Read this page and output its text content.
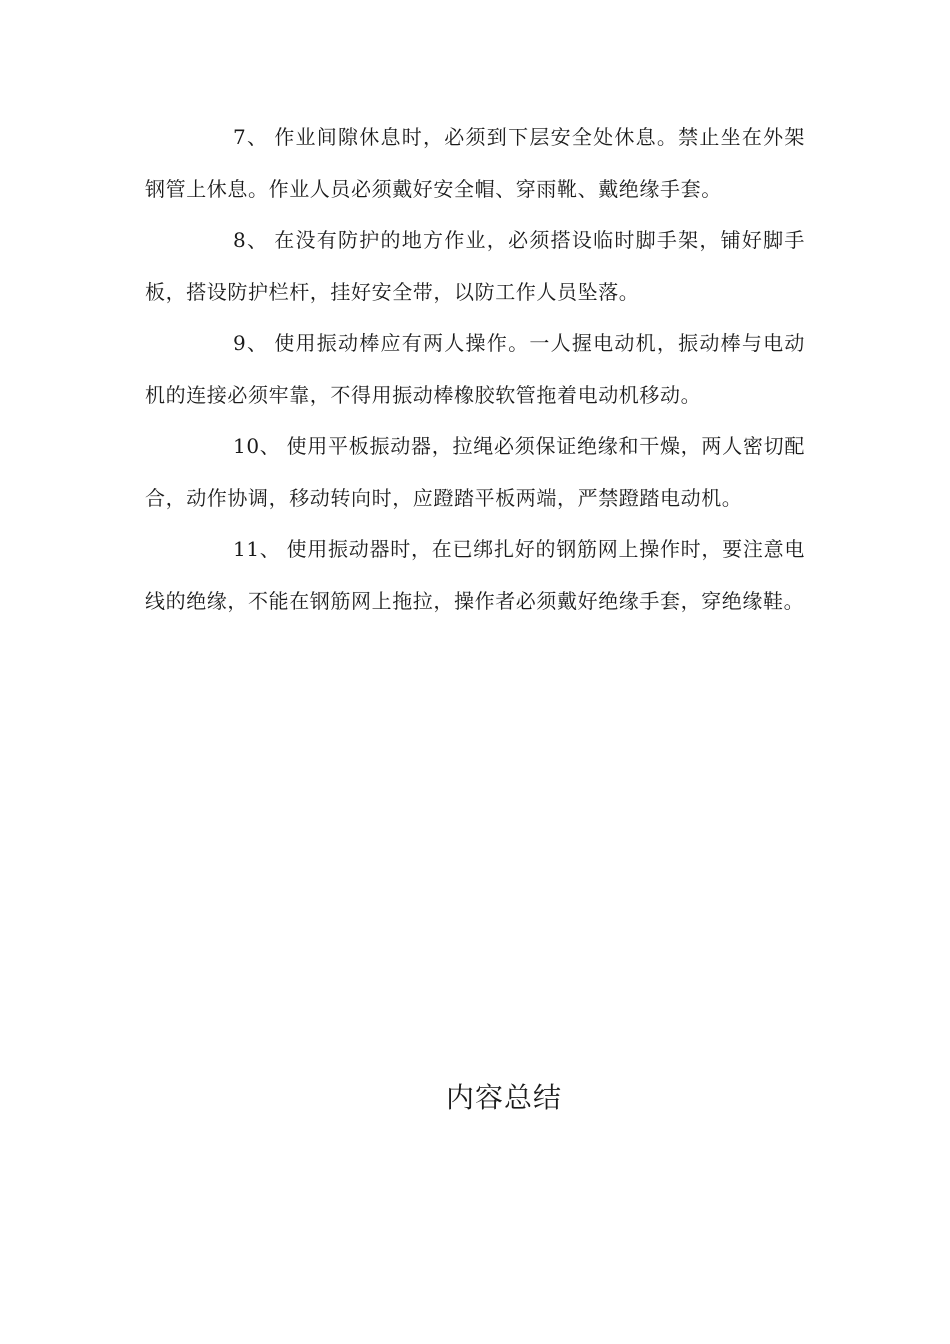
7、 作业间隙休息时，必须到下层安全处休息。禁止坐在外架钢管上休息。作业人员必须戴好安全帽、穿雨靴、戴绝缘手套。

8、 在没有防护的地方作业，必须搭设临时脚手架，铺好脚手板，搭设防护栏杆，挂好安全带，以防工作人员坠落。

9、 使用振动棒应有两人操作。一人握电动机，振动棒与电动机的连接必须牢靠，不得用振动棒橡胶软管拖着电动机移动。

10、 使用平板振动器，拉绳必须保证绝缘和干燥，两人密切配合，动作协调，移动转向时，应蹬踏平板两端，严禁蹬踏电动机。

11、 使用振动器时，在已绑扎好的钢筋网上操作时，要注意电线的绝缘，不能在钢筋网上拖拉，操作者必须戴好绝缘手套，穿绝缘鞋。

内容总结
